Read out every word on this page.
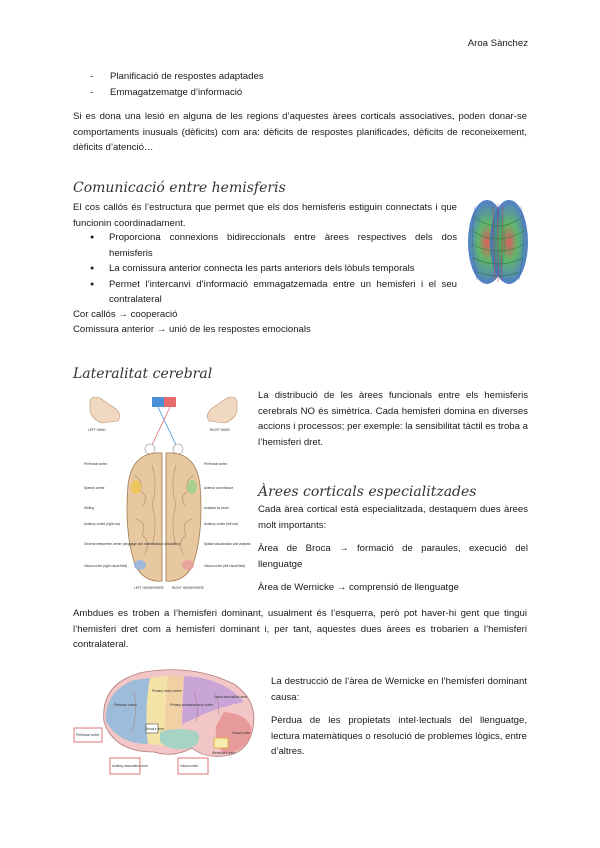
Aroa Sànchez
- Planificació de respostes adaptades
- Emmagatzematge d’informació
Si es dona una lesió en alguna de les regions d’aquestes àrees corticals associatives, poden donar-se comportaments inusuals (dèficits) com ara: dèficits de respostes planificades, dèficits de reconeixement, dèficits d’atenció…
Comunicació entre hemisferis
El cos callós és l’estructura que permet que els dos hemisferis estiguin connectats i que funcionin coordinadament.
● Proporciona connexions bidireccionals entre àrees respectives dels dos hemisferis
● La comissura anterior connecta les parts anteriors dels lòbuls temporals
● Permet l’intercanvi d’informació emmagatzemada entre un hemisferi i el seu contralateral
Cor callós → cooperació
Comissura anterior → unió de les respostes emocionals
Lateralitat cerebral
LEFT HAND	RIGHT HAND
Prefrontal cortex
Speech center
Writing
Auditory cortex (right ear)
General interpretive center (language and mathematical calculation)
Visual cortex (right visual field)
Prefrontal cortex
Anterior commissure
Analysis by touch
Auditory cortex (left ear)
Spatial visualization and analysis
Visual cortex (left visual field)
LEFT HEMISPHERE	RIGHT HEMISPHERE
La distribució de les àrees funcionals entre els hemisferis cerebrals NO és simètrica. Cada hemisferi domina en diverses accions i processos; per exemple: la sensibilitat tàctil es troba a l’hemisferi dret.
Àrees corticals especialitzades
Cada àrea cortical està especialitzada, destaquem dues àrees molt importants:
Àrea de Broca → formació de paraules, execució del llenguatge
Àrea de Wernicke → comprensió de llenguatge
Ambdues es troben a l’hemisferi dominant, usualment és l’esquerra, però pot haver-hi gent que tingui l’hemisferi dret com a hemisferi dominant i, per tant, aquestes dues àrees es trobarien a l’hemisferi contralateral.
Premotor cortex
Primary motor cortex
Primary somatosensory cortex
Visual association area
Visual cortex
Broca's area
Wernicke's area
Prefrontal cortex
Auditory association area	Visual cortex
La destrucció de l’àrea de Wernicke en l’hemisferi dominant causa:
Pèrdua de les propietats intel·lectuals del llenguatge, lectura matemàtiques o resolució de problemes lògics, entre d’altres.
